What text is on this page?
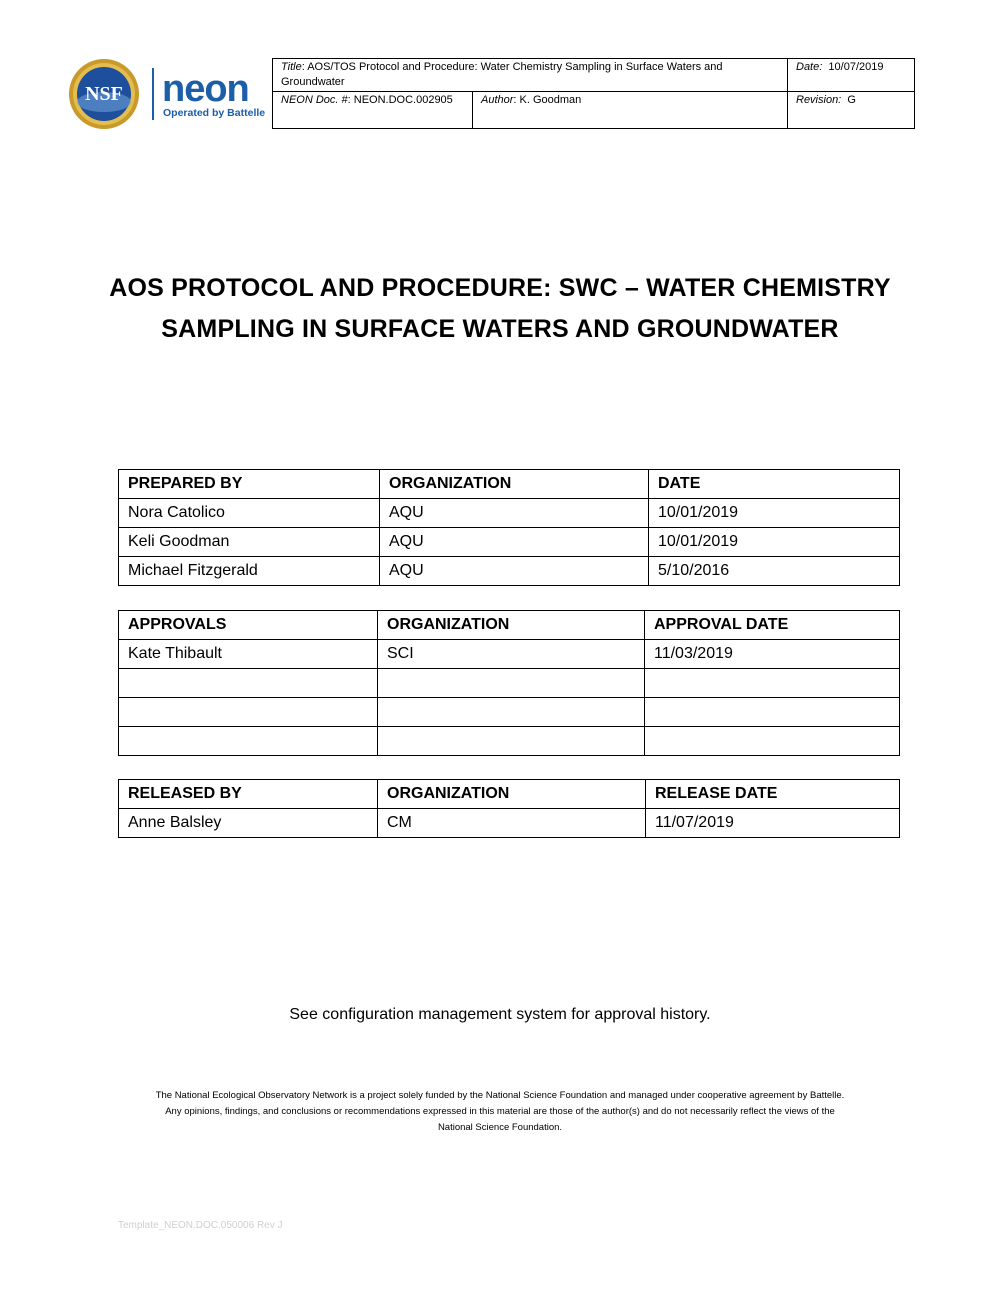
NSF neon
Operated by Battelle
Title: AOS/TOS Protocol and Procedure: Water Chemistry Sampling in Surface Waters and Groundwater		Date: 10/07/2019
NEON Doc. #: NEON.DOC.002905	Author: K. Goodman	Revision: G
AOS PROTOCOL AND PROCEDURE: SWC – WATER CHEMISTRY
SAMPLING IN SURFACE WATERS AND GROUNDWATER
PREPARED BY	ORGANIZATION	DATE
Nora Catolico	AQU	10/01/2019
Keli Goodman	AQU	10/01/2019
Michael Fitzgerald	AQU	5/10/2016
APPROVALS	ORGANIZATION	APPROVAL DATE
Kate Thibault	SCI	11/03/2019

RELEASED BY	ORGANIZATION	RELEASE DATE
Anne Balsley	CM	11/07/2019
See configuration management system for approval history.
The National Ecological Observatory Network is a project solely funded by the National Science Foundation and managed under cooperative agreement by Battelle.
Any opinions, findings, and conclusions or recommendations expressed in this material are those of the author(s) and do not necessarily reflect the views of the
National Science Foundation.
Template_NEON.DOC.050006 Rev J
